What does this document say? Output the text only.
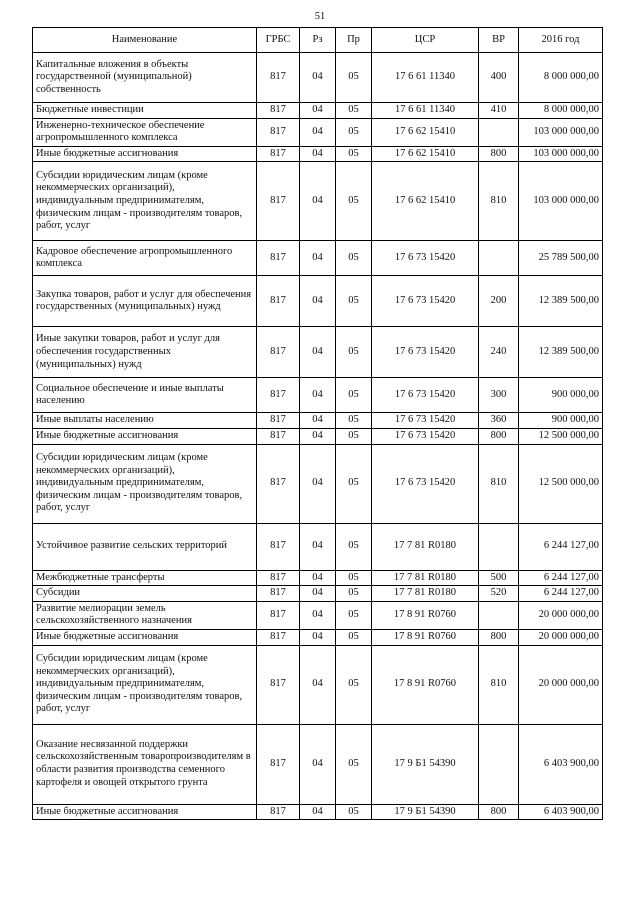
51
Наименование	ГРБС	Рз	Пр	ЦСР	ВР	2016 год
Капитальные вложения в объекты государственной (муниципальной) собственность	817	04	05	17 6 61 11340	400	8 000 000,00
Бюджетные инвестиции	817	04	05	17 6 61 11340	410	8 000 000,00
Инженерно-техническое обеспечение агропромышленного комплекса	817	04	05	17 6 62 15410		103 000 000,00
Иные бюджетные ассигнования	817	04	05	17 6 62 15410	800	103 000 000,00
Субсидии юридическим лицам (кроме некоммерческих организаций), индивидуальным предпринимателям, физическим лицам - производителям товаров, работ, услуг	817	04	05	17 6 62 15410	810	103 000 000,00
Кадровое обеспечение агропромышленного комплекса	817	04	05	17 6 73 15420		25 789 500,00
Закупка товаров, работ и услуг для обеспечения государственных (муниципальных) нужд	817	04	05	17 6 73 15420	200	12 389 500,00
Иные закупки товаров, работ и услуг для обеспечения государственных (муниципальных) нужд	817	04	05	17 6 73 15420	240	12 389 500,00
Социальное обеспечение и иные выплаты населению	817	04	05	17 6 73 15420	300	900 000,00
Иные выплаты населению	817	04	05	17 6 73 15420	360	900 000,00
Иные бюджетные ассигнования	817	04	05	17 6 73 15420	800	12 500 000,00
Субсидии юридическим лицам (кроме некоммерческих организаций), индивидуальным предпринимателям, физическим лицам - производителям товаров, работ, услуг	817	04	05	17 6 73 15420	810	12 500 000,00
Устойчивое развитие сельских территорий	817	04	05	17 7 81 R0180		6 244 127,00
Межбюджетные трансферты	817	04	05	17 7 81 R0180	500	6 244 127,00
Субсидии	817	04	05	17 7 81 R0180	520	6 244 127,00
Развитие мелиорации земель сельскохозяйственного назначения	817	04	05	17 8 91 R0760		20 000 000,00
Иные бюджетные ассигнования	817	04	05	17 8 91 R0760	800	20 000 000,00
Субсидии юридическим лицам (кроме некоммерческих организаций), индивидуальным предпринимателям, физическим лицам - производителям товаров, работ, услуг	817	04	05	17 8 91 R0760	810	20 000 000,00
Оказание несвязанной поддержки сельскохозяйственным товаропроизводителям в области развития производства семенного картофеля и овощей открытого грунта	817	04	05	17 9 Б1 54390		6 403 900,00
Иные бюджетные ассигнования	817	04	05	17 9 Б1 54390	800	6 403 900,00
